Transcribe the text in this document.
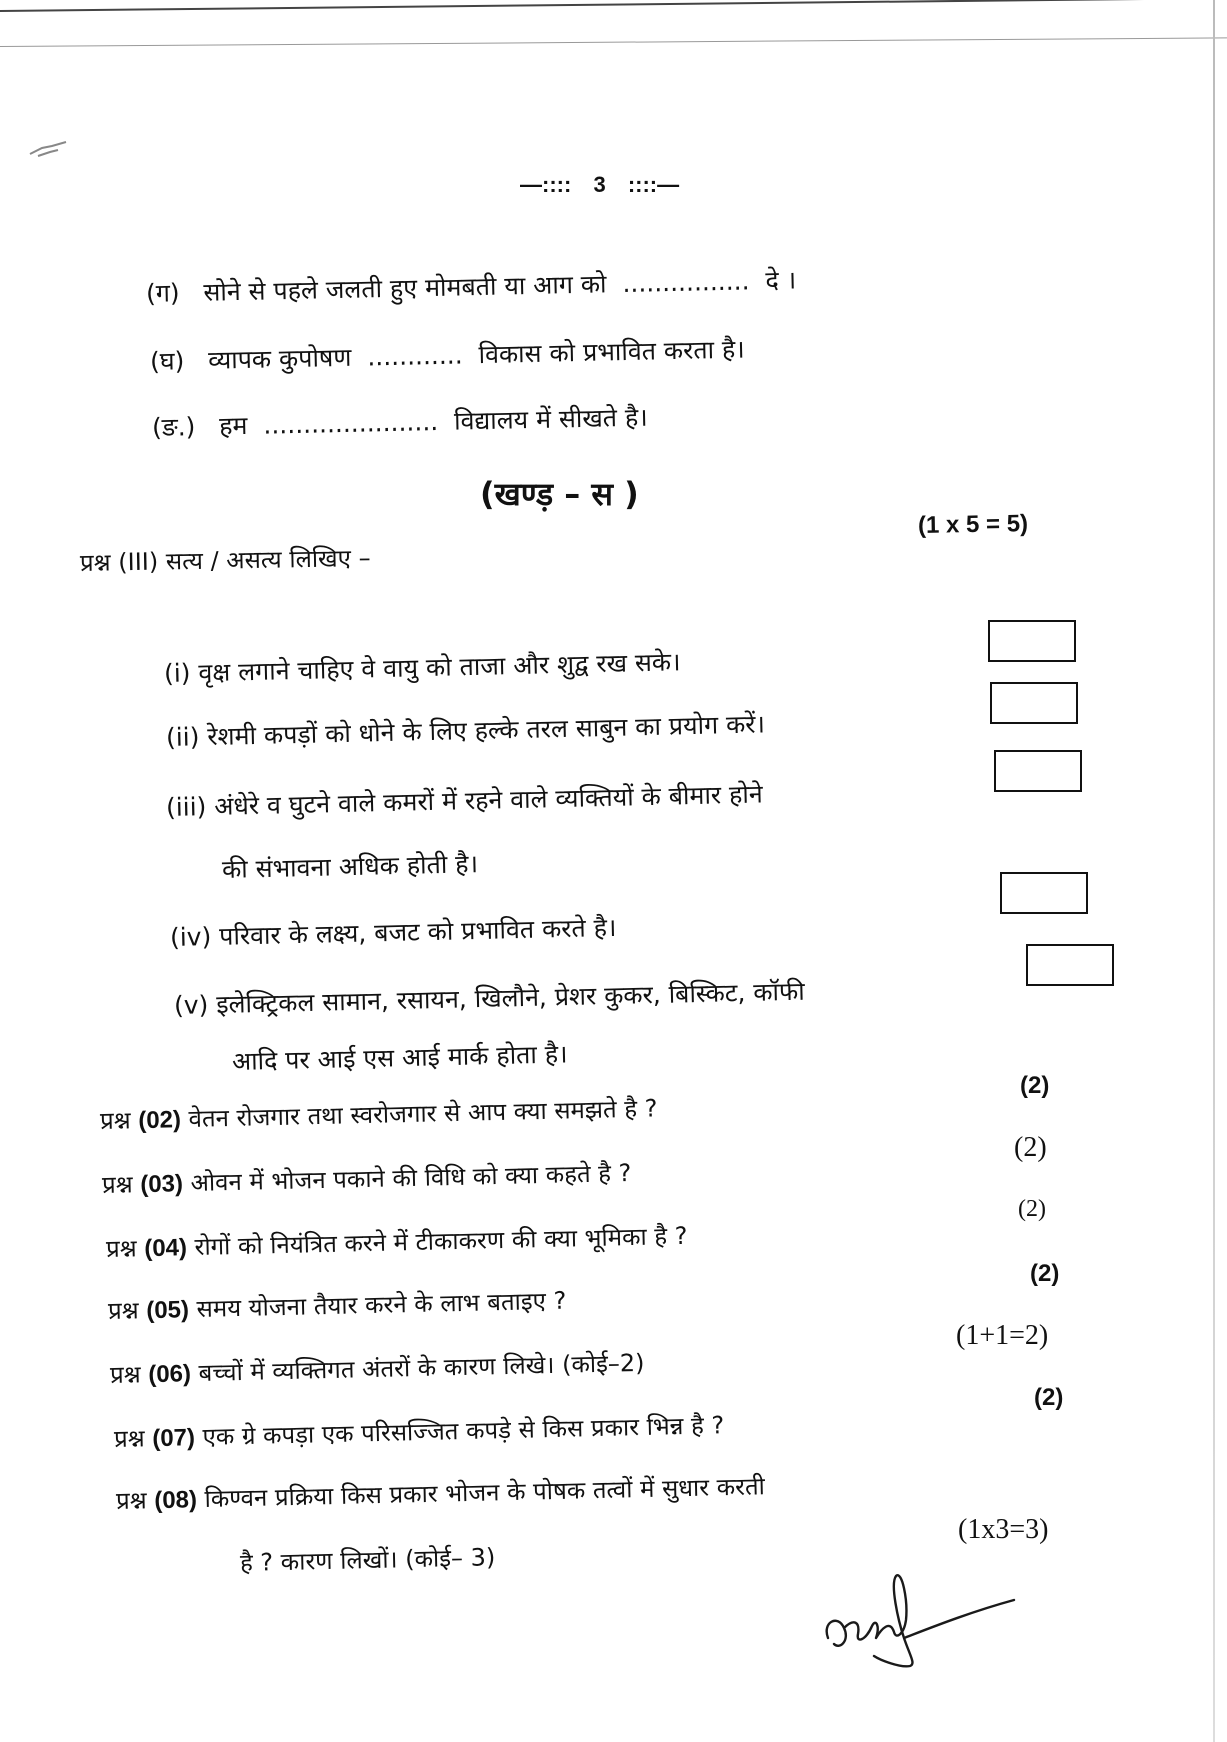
—:::: 3 ::::—
(ग) सोने से पहले जलती हुए मोमबती या आग को ................ दे ।
(घ) व्यापक कुपोषण ............ विकास को प्रभावित करता है।
(ङ.) हम ...................... विद्यालय में सीखते है।
(खण्ड़ – स )
(1 x 5 = 5)
प्रश्न (III) सत्य / असत्य लिखिए –
(i) वृक्ष लगाने चाहिए वे वायु को ताजा और शुद्व रख सके।
(ii) रेशमी कपड़ों को धोने के लिए हल्के तरल साबुन का प्रयोग करें।
(iii) अंधेरे व घुटने वाले कमरों में रहने वाले व्यक्तियों के बीमार होने
की संभावना अधिक होती है।
(iv) परिवार के लक्ष्य, बजट को प्रभावित करते है।
(v) इलेक्ट्रिकल सामान, रसायन, खिलौने, प्रेशर कुकर, बिस्किट, कॉफी
आदि पर आई एस आई मार्क होता है।
प्रश्न (02) वेतन रोजगार तथा स्वरोजगार से आप क्या समझते है ?
(2)
प्रश्न (03) ओवन में भोजन पकाने की विधि को क्या कहते है ?
(2)
प्रश्न (04) रोगों को नियंत्रित करने में टीकाकरण की क्या भूमिका है ?
(2)
प्रश्न (05) समय योजना तैयार करने के लाभ बताइए ?
(2)
प्रश्न (06) बच्चों में व्यक्तिगत अंतरों के कारण लिखे। (कोई–2)
(1+1=2)
प्रश्न (07) एक ग्रे कपड़ा एक परिसज्जित कपड़े से किस प्रकार भिन्न है ?
(2)
प्रश्न (08) किण्वन प्रक्रिया किस प्रकार भोजन के पोषक तत्वों में सुधार करती
है ? कारण लिखों। (कोई– 3)
(1x3=3)
